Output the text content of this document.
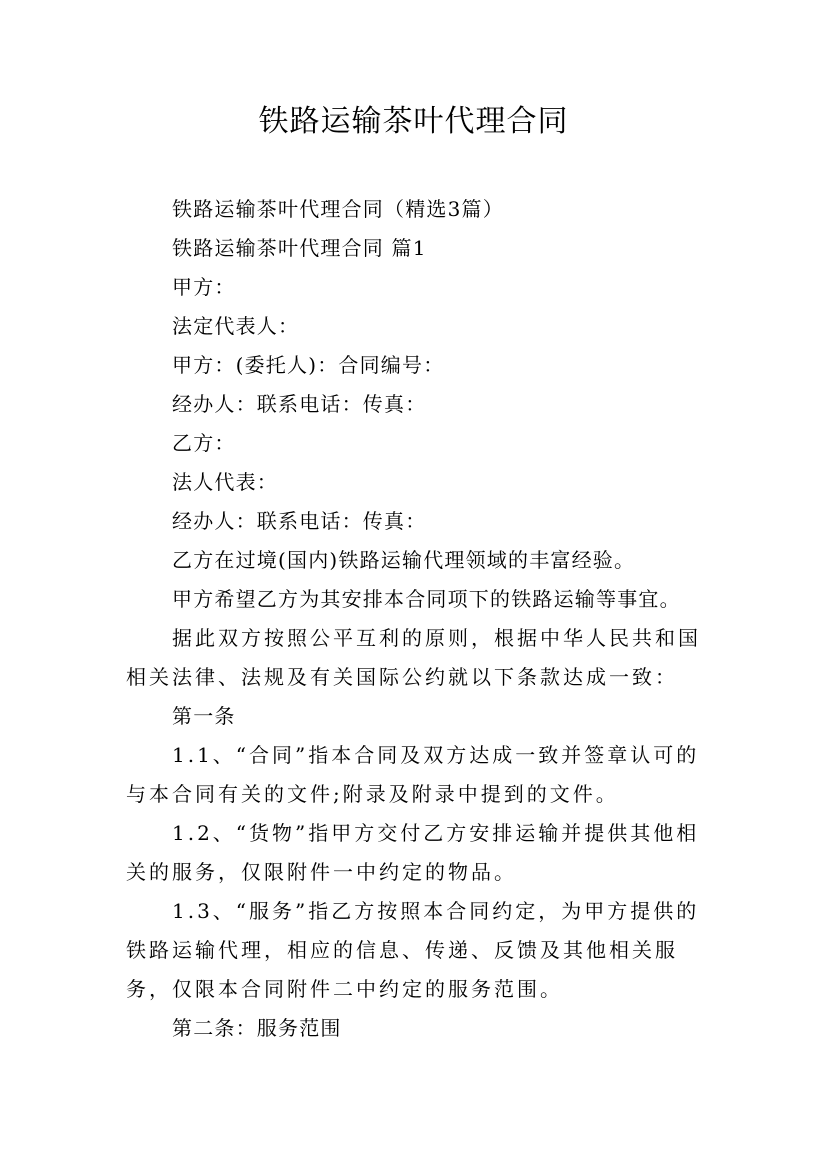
铁路运输茶叶代理合同

铁路运输茶叶代理合同（精选3篇）

铁路运输茶叶代理合同 篇1

甲方：

法定代表人：

甲方：(委托人)：合同编号：

经办人：联系电话：传真：

乙方：

法人代表：

经办人：联系电话：传真：

乙方在过境(国内)铁路运输代理领域的丰富经验。

甲方希望乙方为其安排本合同项下的铁路运输等事宜。

据此双方按照公平互利的原则，根据中华人民共和国相关法律、法规及有关国际公约就以下条款达成一致：

第一条

1.1、“合同”指本合同及双方达成一致并签章认可的与本合同有关的文件;附录及附录中提到的文件。

1.2、“货物”指甲方交付乙方安排运输并提供其他相关的服务，仅限附件一中约定的物品。

1.3、“服务”指乙方按照本合同约定，为甲方提供的铁路运输代理，相应的信息、传递、反馈及其他相关服务，仅限本合同附件二中约定的服务范围。

第二条：服务范围
